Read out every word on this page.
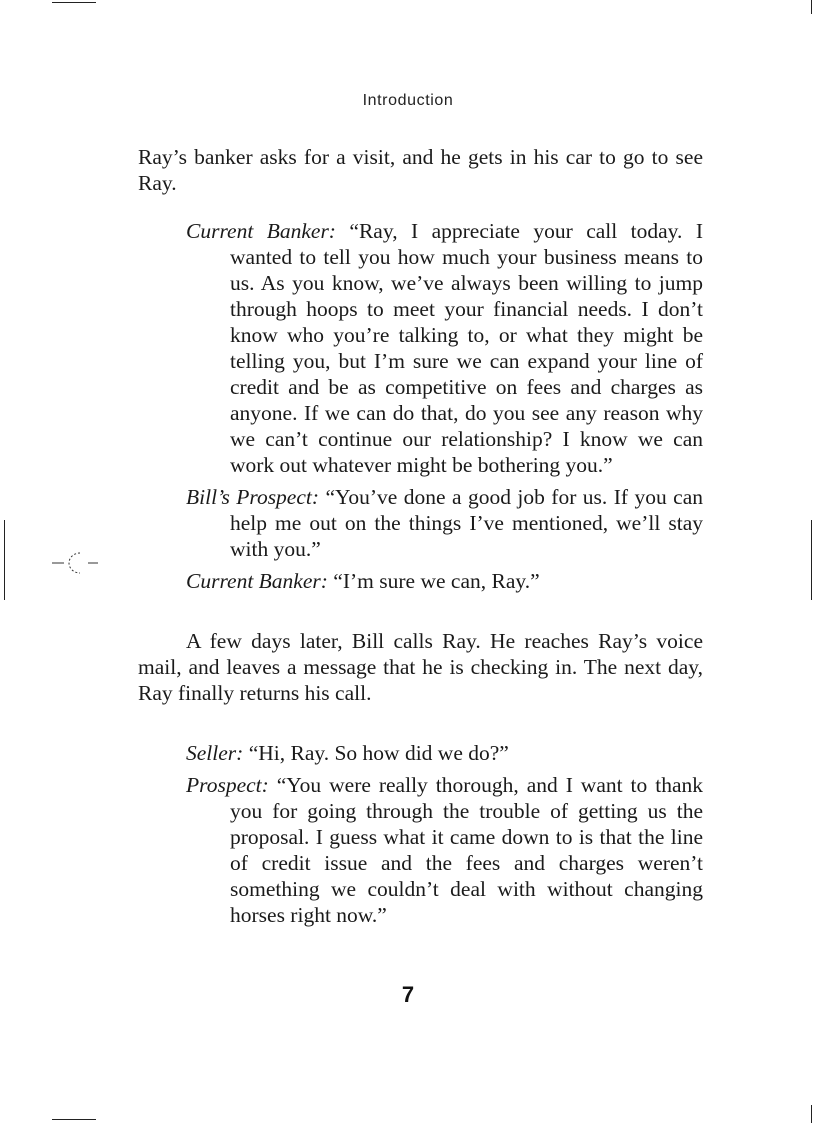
Introduction

Ray’s banker asks for a visit, and he gets in his car to go to see Ray.

Current Banker: “Ray, I appreciate your call today. I wanted to tell you how much your business means to us. As you know, we’ve always been willing to jump through hoops to meet your financial needs. I don’t know who you’re talking to, or what they might be telling you, but I’m sure we can expand your line of credit and be as competitive on fees and charges as anyone. If we can do that, do you see any reason why we can’t continue our relationship? I know we can work out whatever might be bothering you.”

Bill’s Prospect: “You’ve done a good job for us. If you can help me out on the things I’ve mentioned, we’ll stay with you.”

Current Banker: “I’m sure we can, Ray.”

A few days later, Bill calls Ray. He reaches Ray’s voice mail, and leaves a message that he is checking in. The next day, Ray finally returns his call.

Seller: “Hi, Ray. So how did we do?”

Prospect: “You were really thorough, and I want to thank you for going through the trouble of getting us the proposal. I guess what it came down to is that the line of credit issue and the fees and charges weren’t something we couldn’t deal with without changing horses right now.”

7
